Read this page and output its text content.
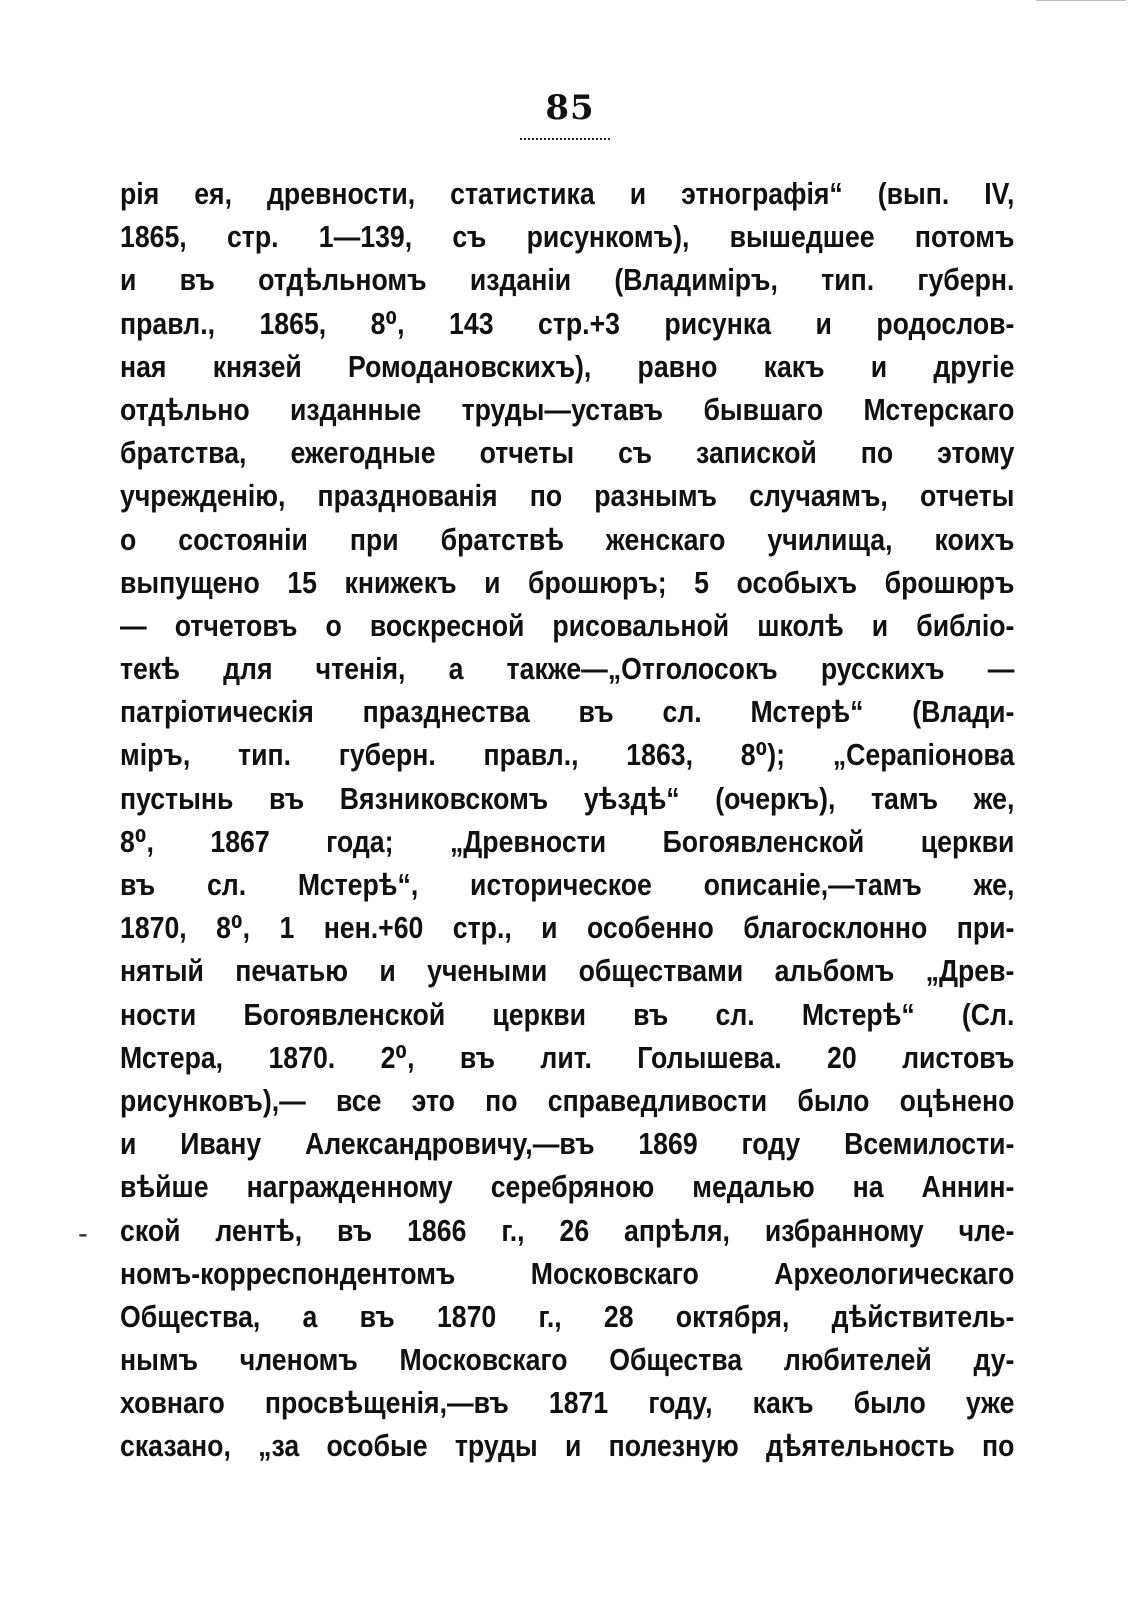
85
-
рія ея, древности, статистика и этнографія“ (вып. IV,
1865, стр. 1—139, съ рисункомъ), вышедшее потомъ
и въ отдѣльномъ изданіи (Владиміръ, тип. губерн.
правл., 1865, 8⁰, 143 стр.+3 рисунка и родослов-
ная князей Ромодановскихъ), равно какъ и другіе
отдѣльно изданные труды—уставъ бывшаго Мстерскаго
братства, ежегодные отчеты съ запиской по этому
учрежденію, празднованія по разнымъ случаямъ, отчеты
о состояніи при братствѣ женскаго училища, коихъ
выпущено 15 книжекъ и брошюръ; 5 особыхъ брошюръ
— отчетовъ о воскресной рисовальной школѣ и библіо-
текѣ для чтенія, а также—„Отголосокъ русскихъ —
патріотическія празднества въ сл. Мстерѣ“ (Влади-
міръ, тип. губерн. правл., 1863, 8⁰); „Серапіонова
пустынь въ Вязниковскомъ уѣздѣ“ (очеркъ), тамъ же,
8⁰, 1867 года; „Древности Богоявленской церкви
въ сл. Мстерѣ“, историческое описаніе,—тамъ же,
1870, 8⁰, 1 нен.+60 стр., и особенно благосклонно при-
нятый печатью и учеными обществами альбомъ „Древ-
ности Богоявленской церкви въ сл. Мстерѣ“ (Сл.
Мстера, 1870. 2⁰, въ лит. Голышева. 20 листовъ
рисунковъ),— все это по справедливости было оцѣнено
и Ивану Александровичу,—въ 1869 году Всемилости-
вѣйше награжденному серебряною медалью на Аннин-
ской лентѣ, въ 1866 г., 26 апрѣля, избранному чле-
номъ-корреспондентомъ Московскаго Археологическаго
Общества, а въ 1870 г., 28 октября, дѣйствитель-
нымъ членомъ Московскаго Общества любителей ду-
ховнаго просвѣщенія,—въ 1871 году, какъ было уже
сказано, „за особые труды и полезную дѣятельность по
